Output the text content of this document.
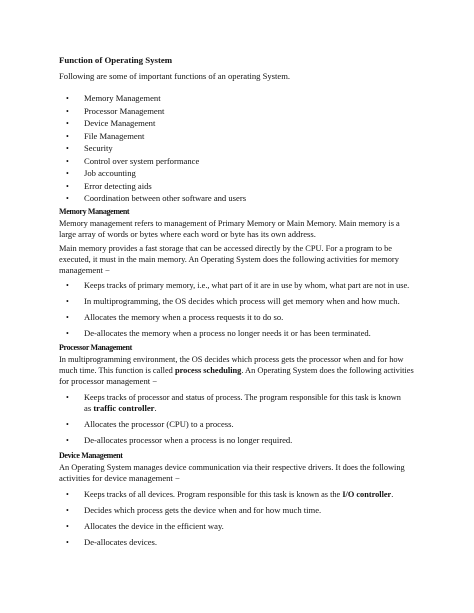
Function of Operating System
Following are some of important functions of an operating System.
• Memory Management
• Processor Management
• Device Management
• File Management
• Security
• Control over system performance
• Job accounting
• Error detecting aids
• Coordination between other software and users
Memory Management
Memory management refers to management of Primary Memory or Main Memory. Main memory is a
large array of words or bytes where each word or byte has its own address.
Main memory provides a fast storage that can be accessed directly by the CPU. For a program to be
executed, it must in the main memory. An Operating System does the following activities for memory
management −
• Keeps tracks of primary memory, i.e., what part of it are in use by whom, what part are not in use.
• In multiprogramming, the OS decides which process will get memory when and how much.
• Allocates the memory when a process requests it to do so.
• De-allocates the memory when a process no longer needs it or has been terminated.
Processor Management
In multiprogramming environment, the OS decides which process gets the processor when and for how
much time. This function is called process scheduling. An Operating System does the following activities
for processor management −
• Keeps tracks of processor and status of process. The program responsible for this task is known
as traffic controller.
• Allocates the processor (CPU) to a process.
• De-allocates processor when a process is no longer required.
Device Management
An Operating System manages device communication via their respective drivers. It does the following
activities for device management −
• Keeps tracks of all devices. Program responsible for this task is known as the I/O controller.
• Decides which process gets the device when and for how much time.
• Allocates the device in the efficient way.
• De-allocates devices.
